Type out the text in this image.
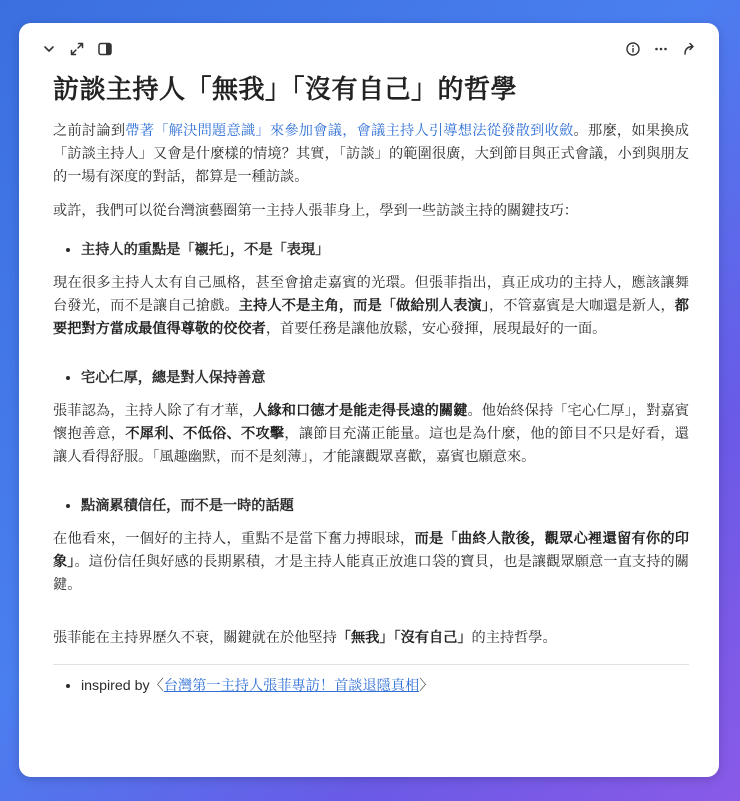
訪談主持人「無我」「沒有自己」的哲學

之前討論到帶著「解決問題意識」來參加會議，會議主持人引導想法從發散到收斂。那麼，如果換成「訪談主持人」又會是什麼樣的情境？其實，「訪談」的範圍很廣，大到節目與正式會議，小到與朋友的一場有深度的對話，都算是一種訪談。

或許，我們可以從台灣演藝圈第一主持人張菲身上，學到一些訪談主持的關鍵技巧：

• 主持人的重點是「襯托」，不是「表現」

現在很多主持人太有自己風格，甚至會搶走嘉賓的光環。但張菲指出，真正成功的主持人，應該讓舞台發光，而不是讓自己搶戲。主持人不是主角，而是「做給別人表演」，不管嘉賓是大咖還是新人，都要把對方當成最值得尊敬的佼佼者，首要任務是讓他放鬆，安心發揮，展現最好的一面。

• 宅心仁厚，總是對人保持善意

張菲認為，主持人除了有才華，人緣和口德才是能走得長遠的關鍵。他始終保持「宅心仁厚」，對嘉賓懷抱善意，不犀利、不低俗、不攻擊，讓節目充滿正能量。這也是為什麼，他的節目不只是好看，還讓人看得舒服。「風趣幽默，而不是刻薄」，才能讓觀眾喜歡，嘉賓也願意來。

• 點滴累積信任，而不是一時的話題

在他看來，一個好的主持人，重點不是當下奮力搏眼球，而是「曲終人散後，觀眾心裡還留有你的印象」。這份信任與好感的長期累積，才是主持人能真正放進口袋的寶貝，也是讓觀眾願意一直支持的關鍵。

張菲能在主持界歷久不衰，關鍵就在於他堅持「無我」「沒有自己」的主持哲學。

• inspired by〈台灣第一主持人張菲專訪！首談退隱真相〉
